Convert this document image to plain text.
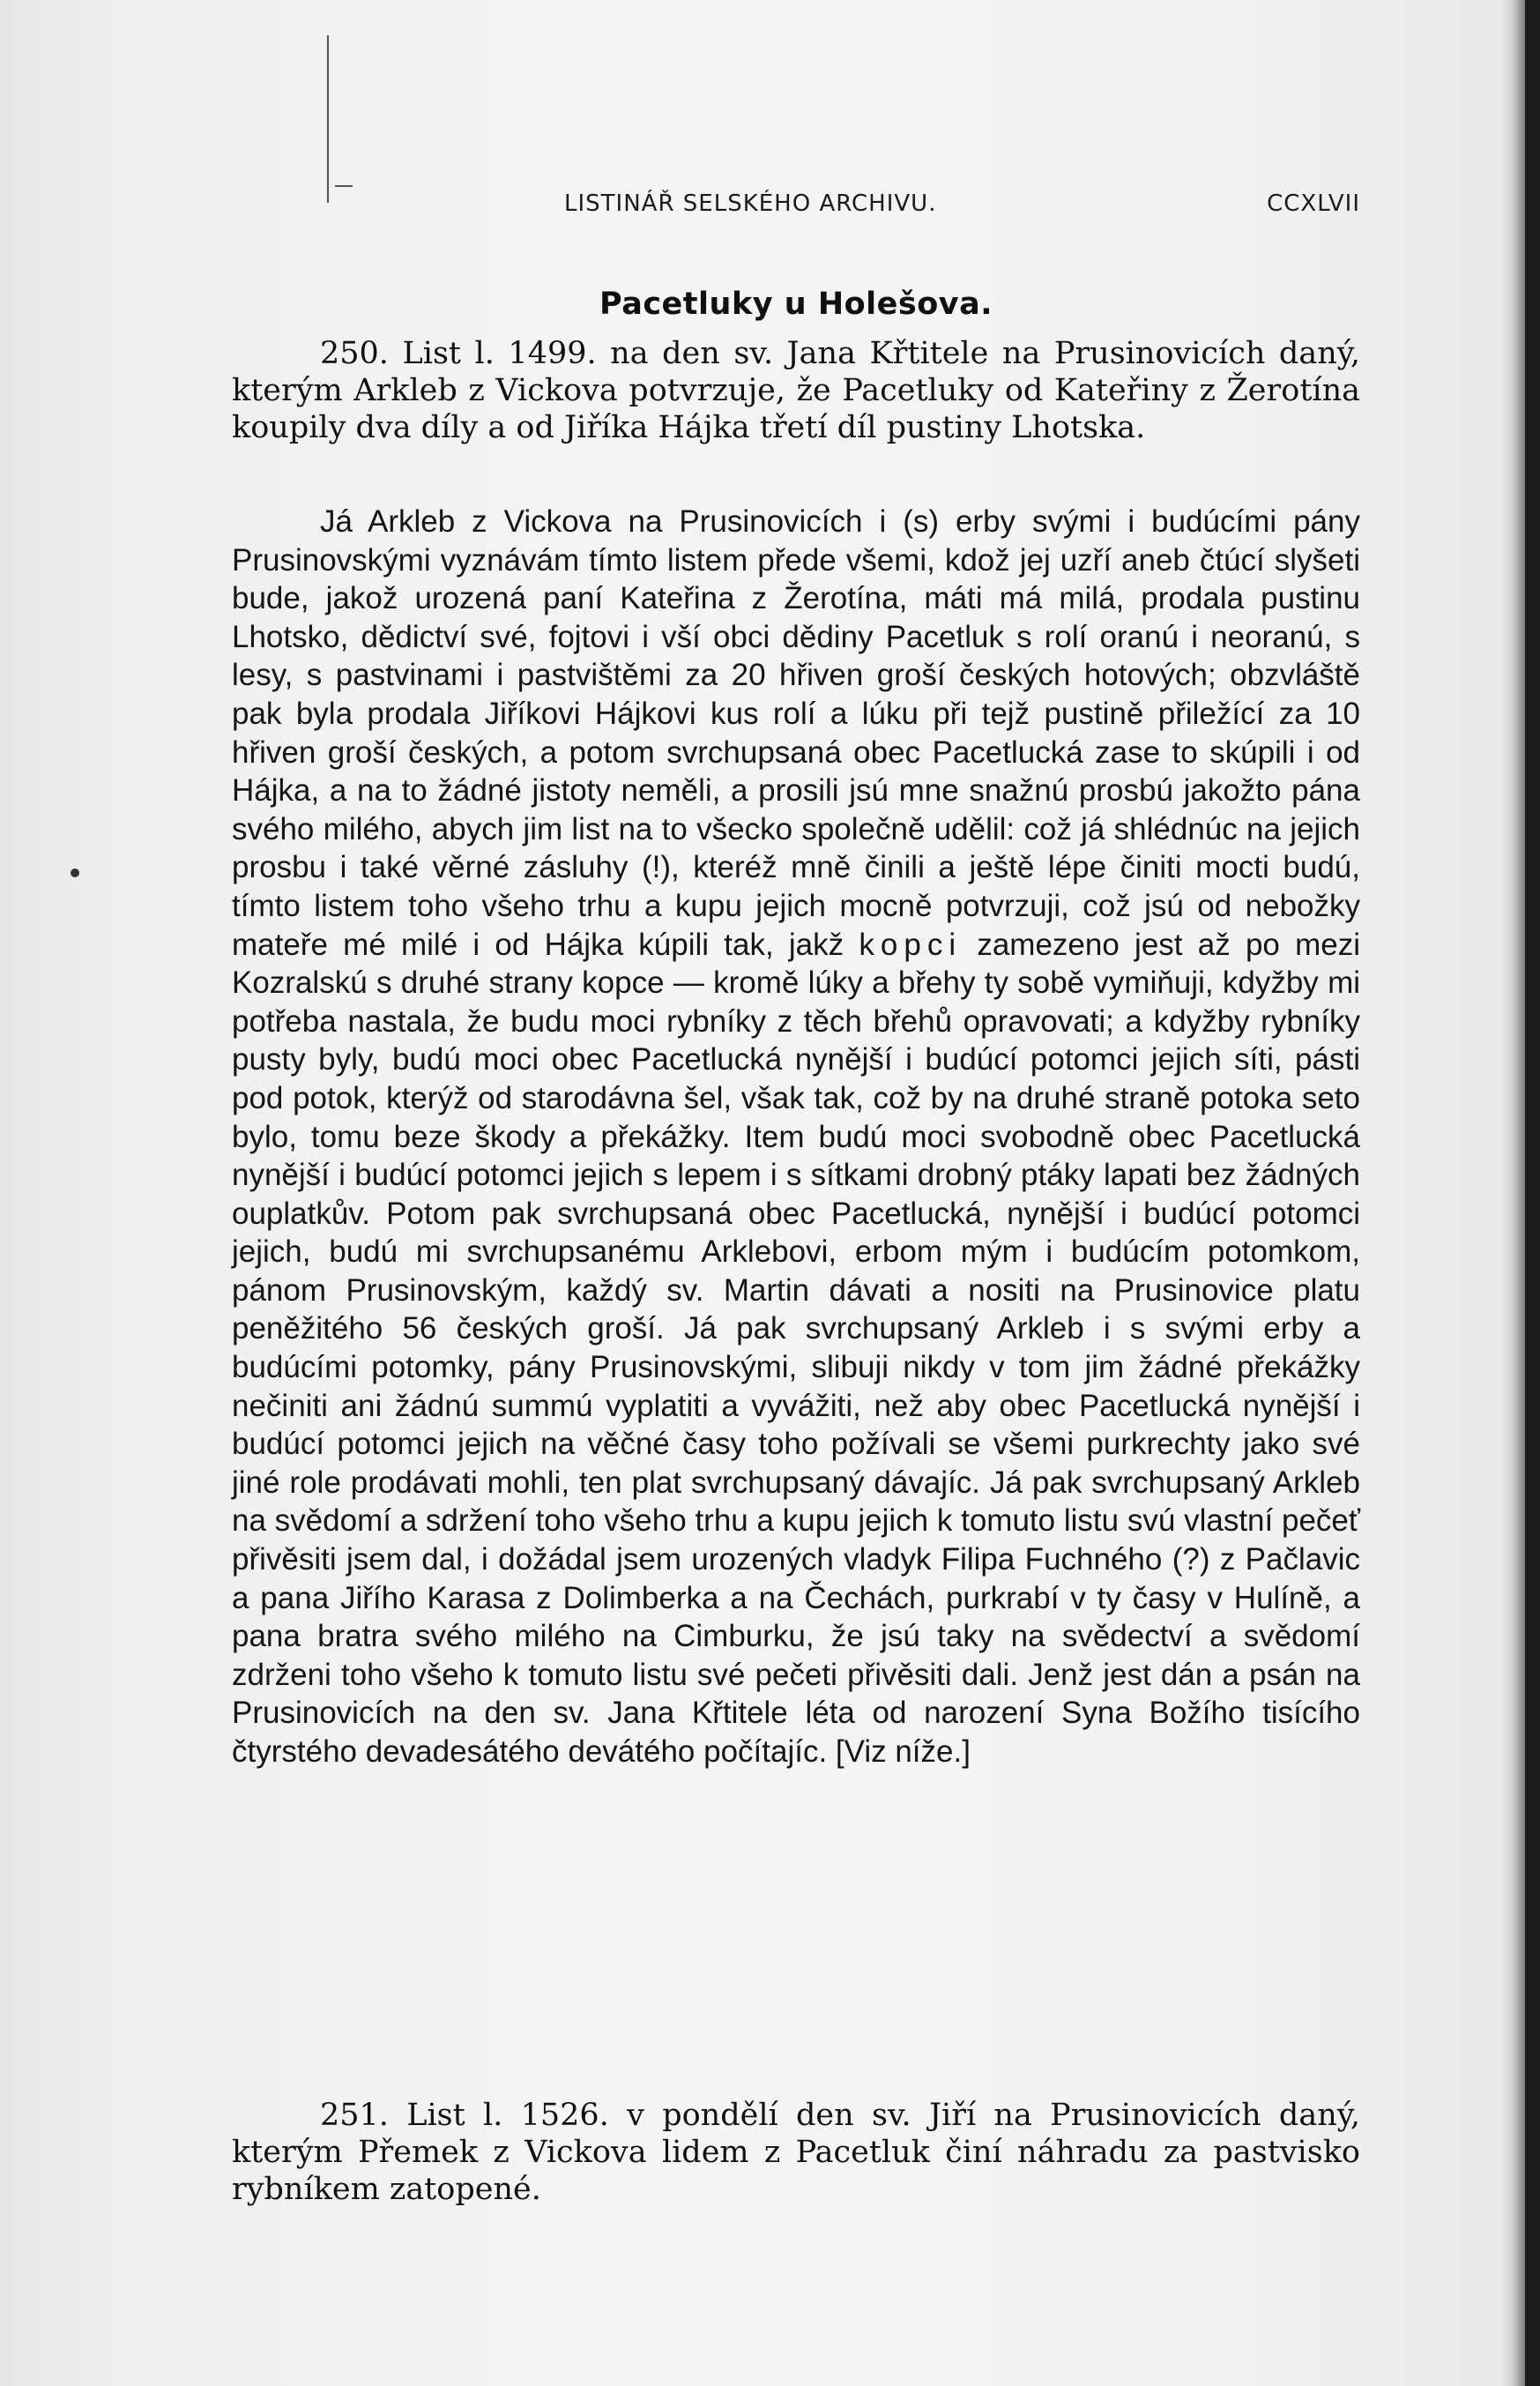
LISTINÁŘ SELSKÉHO ARCHIVU.	CCXLVII
Pacetluky u Holešova.

250. List l. 1499. na den sv. Jana Křtitele na Prusinovicích daný, kterým Arkleb z Vickova potvrzuje, že Pacetluky od Kateřiny z Žerotína koupily dva díly a od Jiříka Hájka třetí díl pustiny Lhotska.

Já Arkleb z Vickova na Prusinovicích i (s) erby svými i budúcími pány Prusinovskými vyznávám tímto listem přede všemi, kdož jej uzří aneb čtúcí slyšeti bude, jakož urozená paní Kateřina z Žerotína, máti má milá, prodala pustinu Lhotsko, dědictví své, fojtovi i vší obci dědiny Pacetluk s rolí oranú i neoranú, s lesy, s pastvinami i pastvištěmi za 20 hřiven groší českých hotových; obzvláště pak byla prodala Jiříkovi Hájkovi kus rolí a lúku při tejž pustině přiležící za 10 hřiven groší českých, a potom svrchupsaná obec Pacetlucká zase to skúpili i od Hájka, a na to žádné jistoty neměli, a prosili jsú mne snažnú prosbú jakožto pána svého milého, abych jim list na to všecko společně udělil: což já shlédnúc na jejich prosbu i také věrné zásluhy (!), kteréž mně činili a ještě lépe činiti mocti budú, tímto listem toho všeho trhu a kupu jejich mocně potvrzuji, což jsú od nebožky mateře mé milé i od Hájka kúpili tak, jakž kopci zamezeno jest až po mezi Kozralskú s druhé strany kopce — kromě lúky a břehy ty sobě vymiňuji, kdyžby mi potřeba nastala, že budu moci rybníky z těch břehů opravovati; a kdyžby rybníky pusty byly, budú moci obec Pacetlucká nynější i budúcí potomci jejich síti, pásti pod potok, kterýž od starodávna šel, však tak, což by na druhé straně potoka seto bylo, tomu beze škody a překážky. Item budú moci svobodně obec Pacetlucká nynější i budúcí potomci jejich s lepem i s sítkami drobný ptáky lapati bez žádných ouplatkův. Potom pak svrchupsaná obec Pacetlucká, nynější i budúcí potomci jejich, budú mi svrchupsanému Arklebovi, erbom mým i budúcím potomkom, pánom Prusinovským, každý sv. Martin dávati a nositi na Prusinovice platu peněžitého 56 českých groší. Já pak svrchupsaný Arkleb i s svými erby a budúcími potomky, pány Prusinovskými, slibuji nikdy v tom jim žádné překážky nečiniti ani žádnú summú vyplatiti a vyvážiti, než aby obec Pacetlucká nynější i budúcí potomci jejich na věčné časy toho požívali se všemi purkrechty jako své jiné role prodávati mohli, ten plat svrchupsaný dávajíc. Já pak svrchupsaný Arkleb na svědomí a sdržení toho všeho trhu a kupu jejich k tomuto listu svú vlastní pečeť přivěsiti jsem dal, i dožádal jsem urozených vladyk Filipa Fuchného (?) z Pačlavic a pana Jiřího Karasa z Dolimberka a na Čechách, purkrabí v ty časy v Hulíně, a pana bratra svého milého na Cimburku, že jsú taky na svědectví a svědomí zdrženi toho všeho k tomuto listu své pečeti přivěsiti dali. Jenž jest dán a psán na Prusinovicích na den sv. Jana Křtitele léta od narození Syna Božího tisícího čtyrstého devadesátého devátého počítajíc. [Viz níže.]

251. List l. 1526. v pondělí den sv. Jiří na Prusinovicích daný, kterým Přemek z Vickova lidem z Pacetluk činí náhradu za pastvisko rybníkem zatopené.
